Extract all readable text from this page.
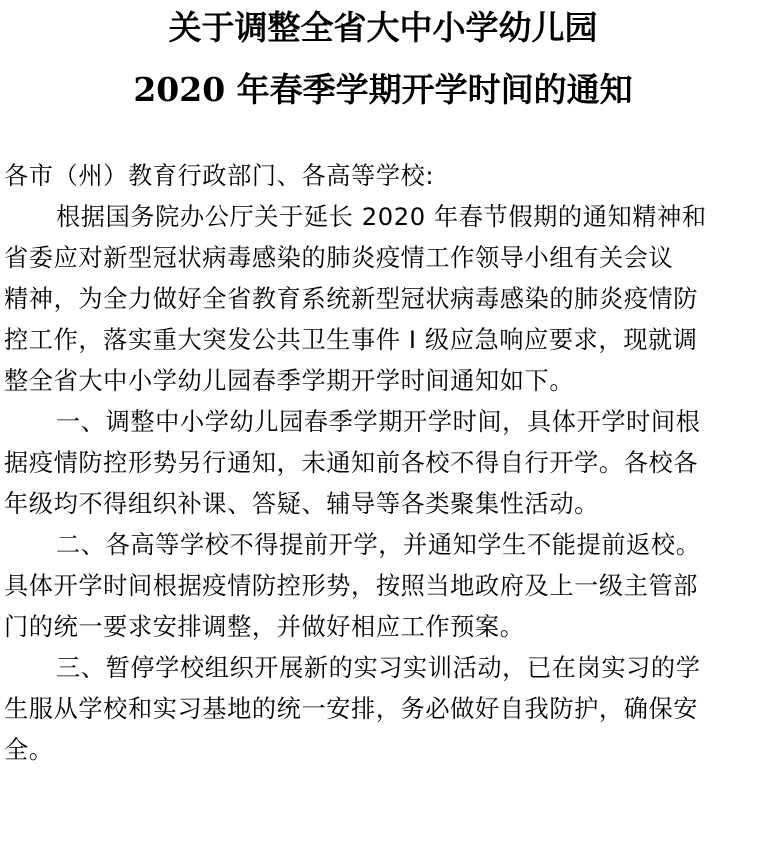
关于调整全省大中小学幼儿园
2020 年春季学期开学时间的通知
各市（州）教育行政部门、各高等学校:
根据国务院办公厅关于延长 2020 年春节假期的通知精神和
省委应对新型冠状病毒感染的肺炎疫情工作领导小组有关会议
精神，为全力做好全省教育系统新型冠状病毒感染的肺炎疫情防
控工作，落实重大突发公共卫生事件 I 级应急响应要求，现就调
整全省大中小学幼儿园春季学期开学时间通知如下。
一、调整中小学幼儿园春季学期开学时间，具体开学时间根
据疫情防控形势另行通知，未通知前各校不得自行开学。各校各
年级均不得组织补课、答疑、辅导等各类聚集性活动。
二、各高等学校不得提前开学，并通知学生不能提前返校。
具体开学时间根据疫情防控形势，按照当地政府及上一级主管部
门的统一要求安排调整，并做好相应工作预案。
三、暂停学校组织开展新的实习实训活动，已在岗实习的学
生服从学校和实习基地的统一安排，务必做好自我防护，确保安
全。
